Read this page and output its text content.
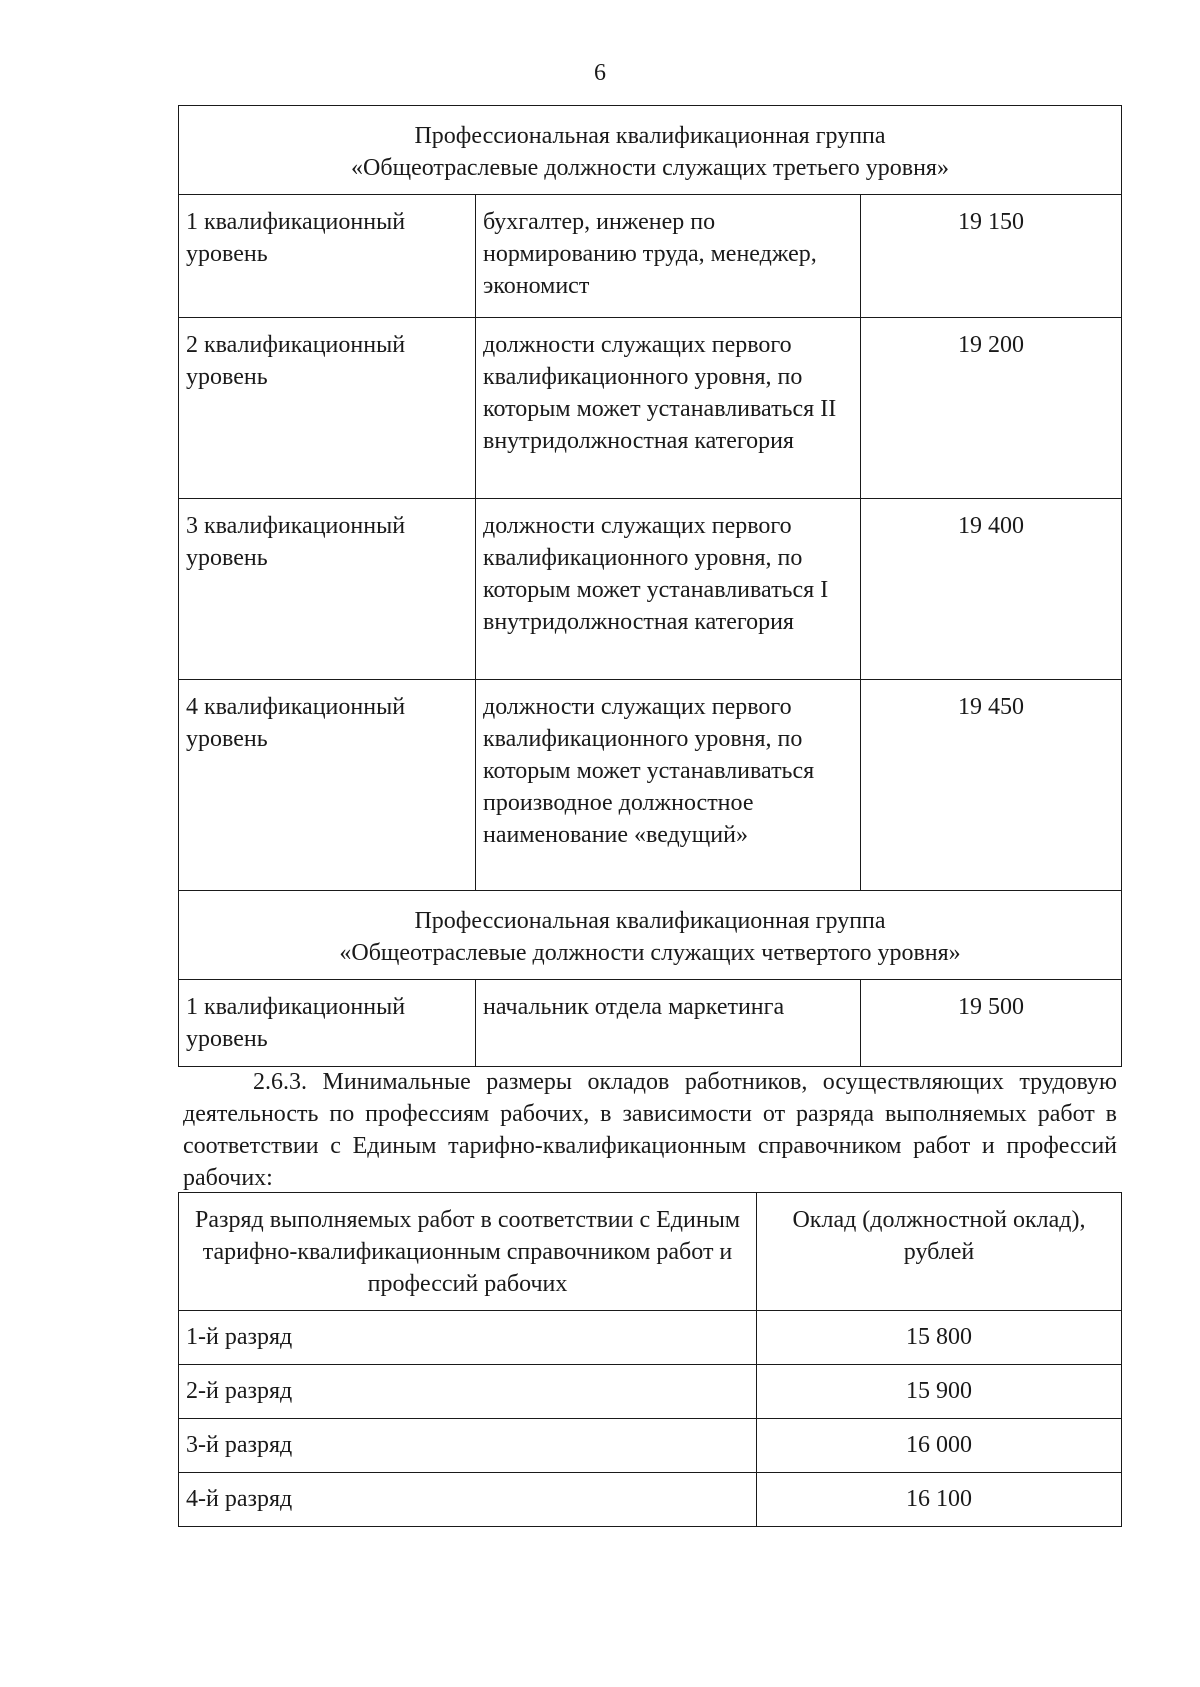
6
Профессиональная квалификационная группа
«Общеотраслевые должности служащих третьего уровня»		

1 квалификационный уровень	бухгалтер, инженер по нормированию труда, менеджер, экономист	19 150
2 квалификационный уровень	должности служащих первого квалификационного уровня, по которым может устанавливаться II внутридолжностная категория	19 200
3 квалификационный уровень	должности служащих первого квалификационного уровня, по которым может устанавливаться I внутридолжностная категория	19 400
4 квалификационный уровень	должности служащих первого квалификационного уровня, по которым может устанавливаться производное должностное наименование «ведущий»	19 450

Профессиональная квалификационная группа
«Общеотраслевые должности служащих четвертого уровня»		

1 квалификационный уровень	начальник отдела маркетинга	19 500

2.6.3. Минимальные размеры окладов работников, осуществляющих трудовую деятельность по профессиям рабочих, в зависимости от разряда выполняемых работ в соответствии с Единым тарифно-квалификационным справочником работ и профессий рабочих:

Разряд выполняемых работ в соответствии с Единым тарифно-квалификационным справочником работ и профессий рабочих	Оклад (должностной оклад), рублей
1-й разряд	15 800
2-й разряд	15 900
3-й разряд	16 000
4-й разряд	16 100
